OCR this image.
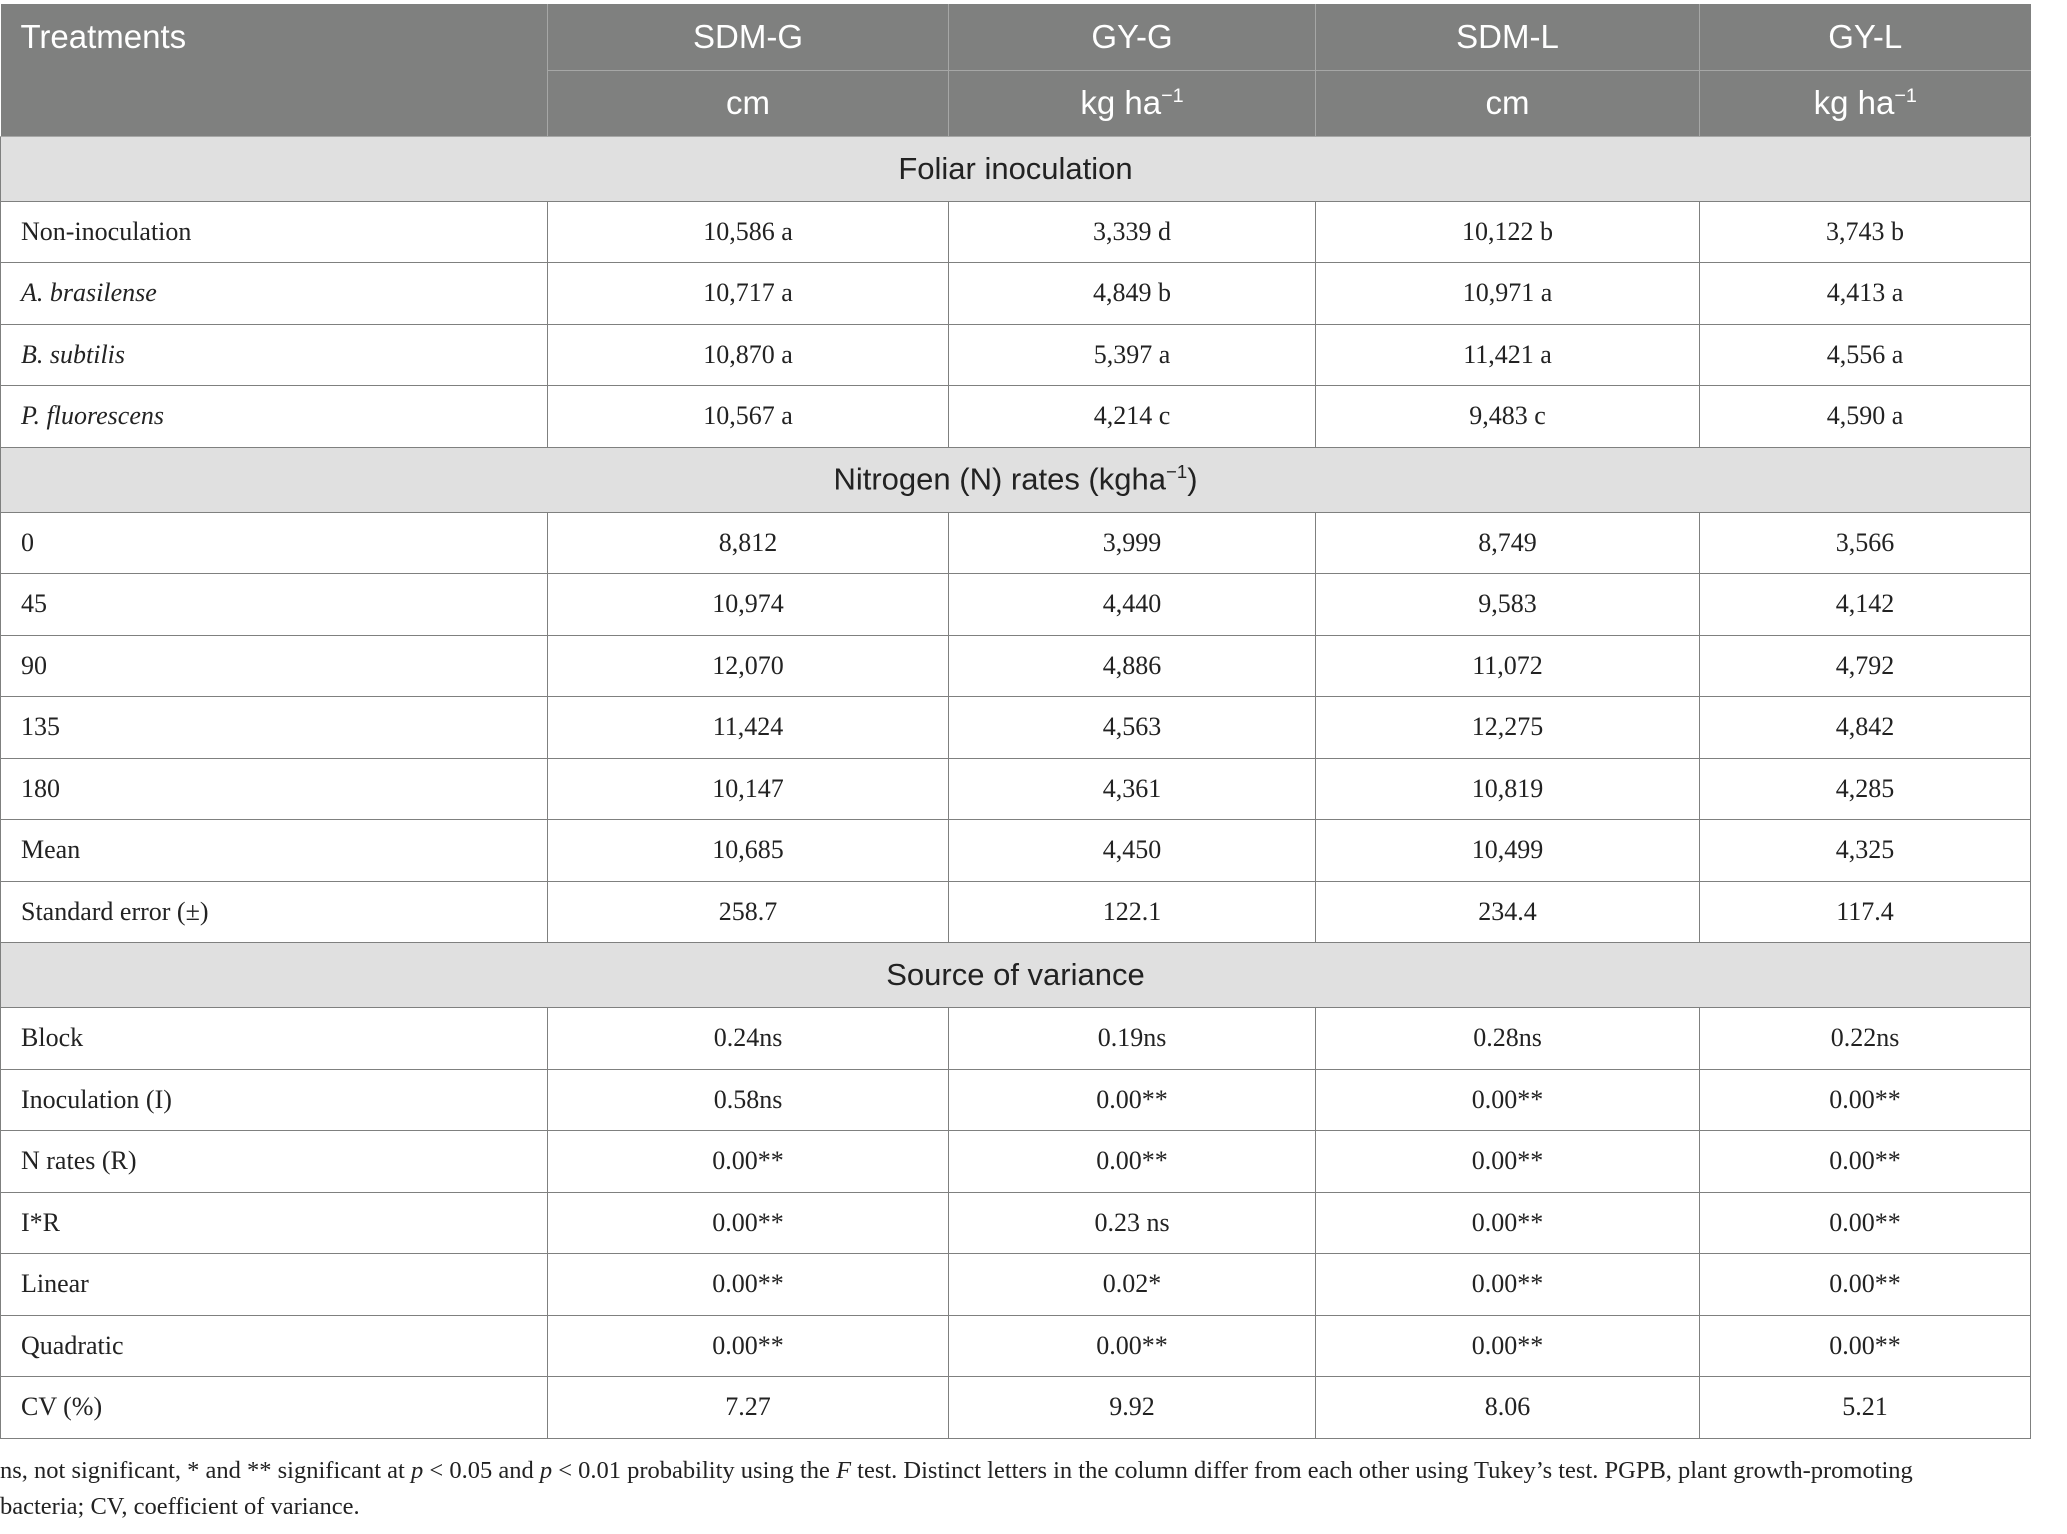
Treatments	SDM-G	GY-G	SDM-L	GY-L
	cm	kg $ha^{-1}$	cm	kg $ha^{-1}$
Foliar inoculation				
Non-inoculation	10,586 a	3,339 d	10,122 b	3,743 b
A. brasilense	10,717 a	4,849 b	10,971 a	4,413 a
B. subtilis	10,870 a	5,397 a	11,421 a	4,556 a
P. fluorescens	10,567 a	4,214 c	9,483 c	4,590 a
Nitrogen (N) rates (kgha$^{-1}$)				
0	8,812	3,999	8,749	3,566
45	10,974	4,440	9,583	4,142
90	12,070	4,886	11,072	4,792
135	11,424	4,563	12,275	4,842
180	10,147	4,361	10,819	4,285
Mean	10,685	4,450	10,499	4,325
Standard error (±)	258.7	122.1	234.4	117.4
Source of variance				
Block	0.24ns	0.19ns	0.28ns	0.22ns
Inoculation (I)	0.58ns	0.00**	0.00**	0.00**
N rates (R)	0.00**	0.00**	0.00**	0.00**
I*R	0.00**	0.23 ns	0.00**	0.00**
Linear	0.00**	0.02*	0.00**	0.00**
Quadratic	0.00**	0.00**	0.00**	0.00**
CV (%)	7.27	9.92	8.06	5.21
ns, not significant, * and ** significant at p < 0.05 and p < 0.01 probability using the F test. Distinct letters in the column differ from each other using Tukey’s test. PGPB, plant growth-promoting bacteria; CV, coefficient of variance.
